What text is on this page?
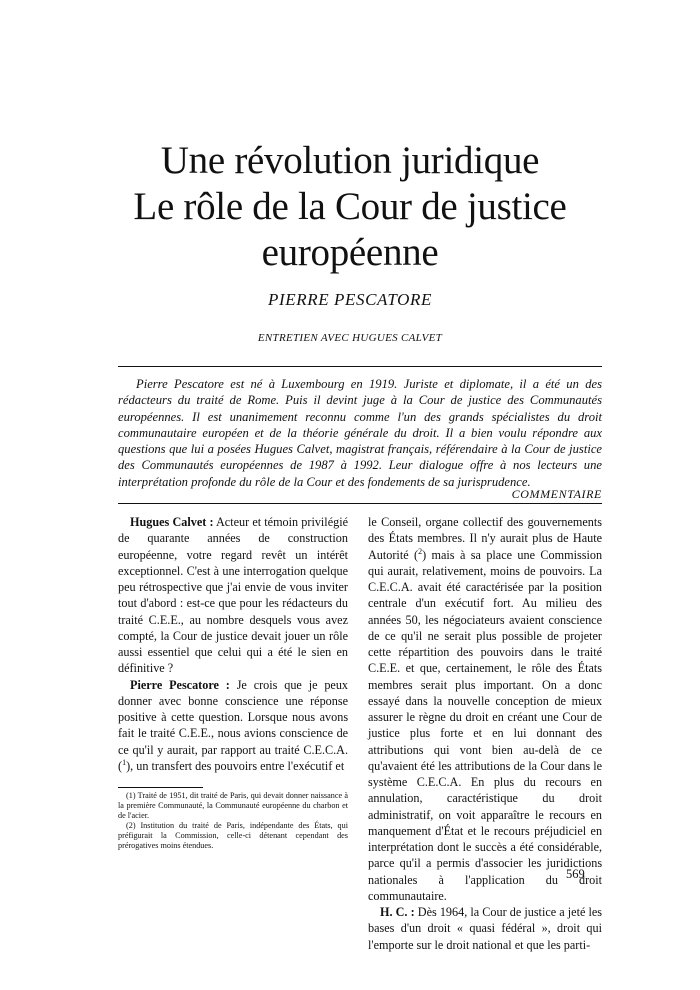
Une révolution juridique
Le rôle de la Cour de justice
européenne
PIERRE PESCATORE
ENTRETIEN AVEC HUGUES CALVET
Pierre Pescatore est né à Luxembourg en 1919. Juriste et diplomate, il a été un des rédacteurs du traité de Rome. Puis il devint juge à la Cour de justice des Communautés européennes. Il est unanimement reconnu comme l'un des grands spécialistes du droit communautaire européen et de la théorie générale du droit. Il a bien voulu répondre aux questions que lui a posées Hugues Calvet, magistrat français, référendaire à la Cour de justice des Communautés européennes de 1987 à 1992. Leur dialogue offre à nos lecteurs une interprétation profonde du rôle de la Cour et des fondements de sa jurisprudence.
COMMENTAIRE

Hugues Calvet : Acteur et témoin privilégié de quarante années de construction européenne, votre regard revêt un intérêt exceptionnel. C'est à une interrogation quelque peu rétrospective que j'ai envie de vous inviter tout d'abord : est-ce que pour les rédacteurs du traité C.E.E., au nombre desquels vous avez compté, la Cour de justice devait jouer un rôle aussi essentiel que celui qui a été le sien en définitive ?

Pierre Pescatore : Je crois que je peux donner avec bonne conscience une réponse positive à cette question. Lorsque nous avons fait le traité C.E.E., nous avions conscience de ce qu'il y aurait, par rapport au traité C.E.C.A. ($^1$), un transfert des pouvoirs entre l'exécutif et

le Conseil, organe collectif des gouvernements des États membres. Il n'y aurait plus de Haute Autorité ($^2$) mais à sa place une Commission qui aurait, relativement, moins de pouvoirs. La C.E.C.A. avait été caractérisée par la position centrale d'un exécutif fort. Au milieu des années 50, les négociateurs avaient conscience de ce qu'il ne serait plus possible de projeter cette répartition des pouvoirs dans le traité C.E.E. et que, certainement, le rôle des États membres serait plus important. On a donc essayé dans la nouvelle conception de mieux assurer le règne du droit en créant une Cour de justice plus forte et en lui donnant des attributions qui vont bien au-delà de ce qu'avaient été les attributions de la Cour dans le système C.E.C.A. En plus du recours en annulation, caractéristique du droit administratif, on voit apparaître le recours en manquement d'État et le recours préjudiciel en interprétation dont le succès a été considérable, parce qu'il a permis d'associer les juridictions nationales à l'application du droit communautaire.

H. C. : Dès 1964, la Cour de justice a jeté les bases d'un droit « quasi fédéral », droit qui l'emporte sur le droit national et que les parti-

(1) Traité de 1951, dit traité de Paris, qui devait donner naissance à la première Communauté, la Communauté européenne du charbon et de l'acier.

(2) Institution du traité de Paris, indépendante des États, qui préfigurait la Commission, celle-ci détenant cependant des prérogatives moins étendues.

569
